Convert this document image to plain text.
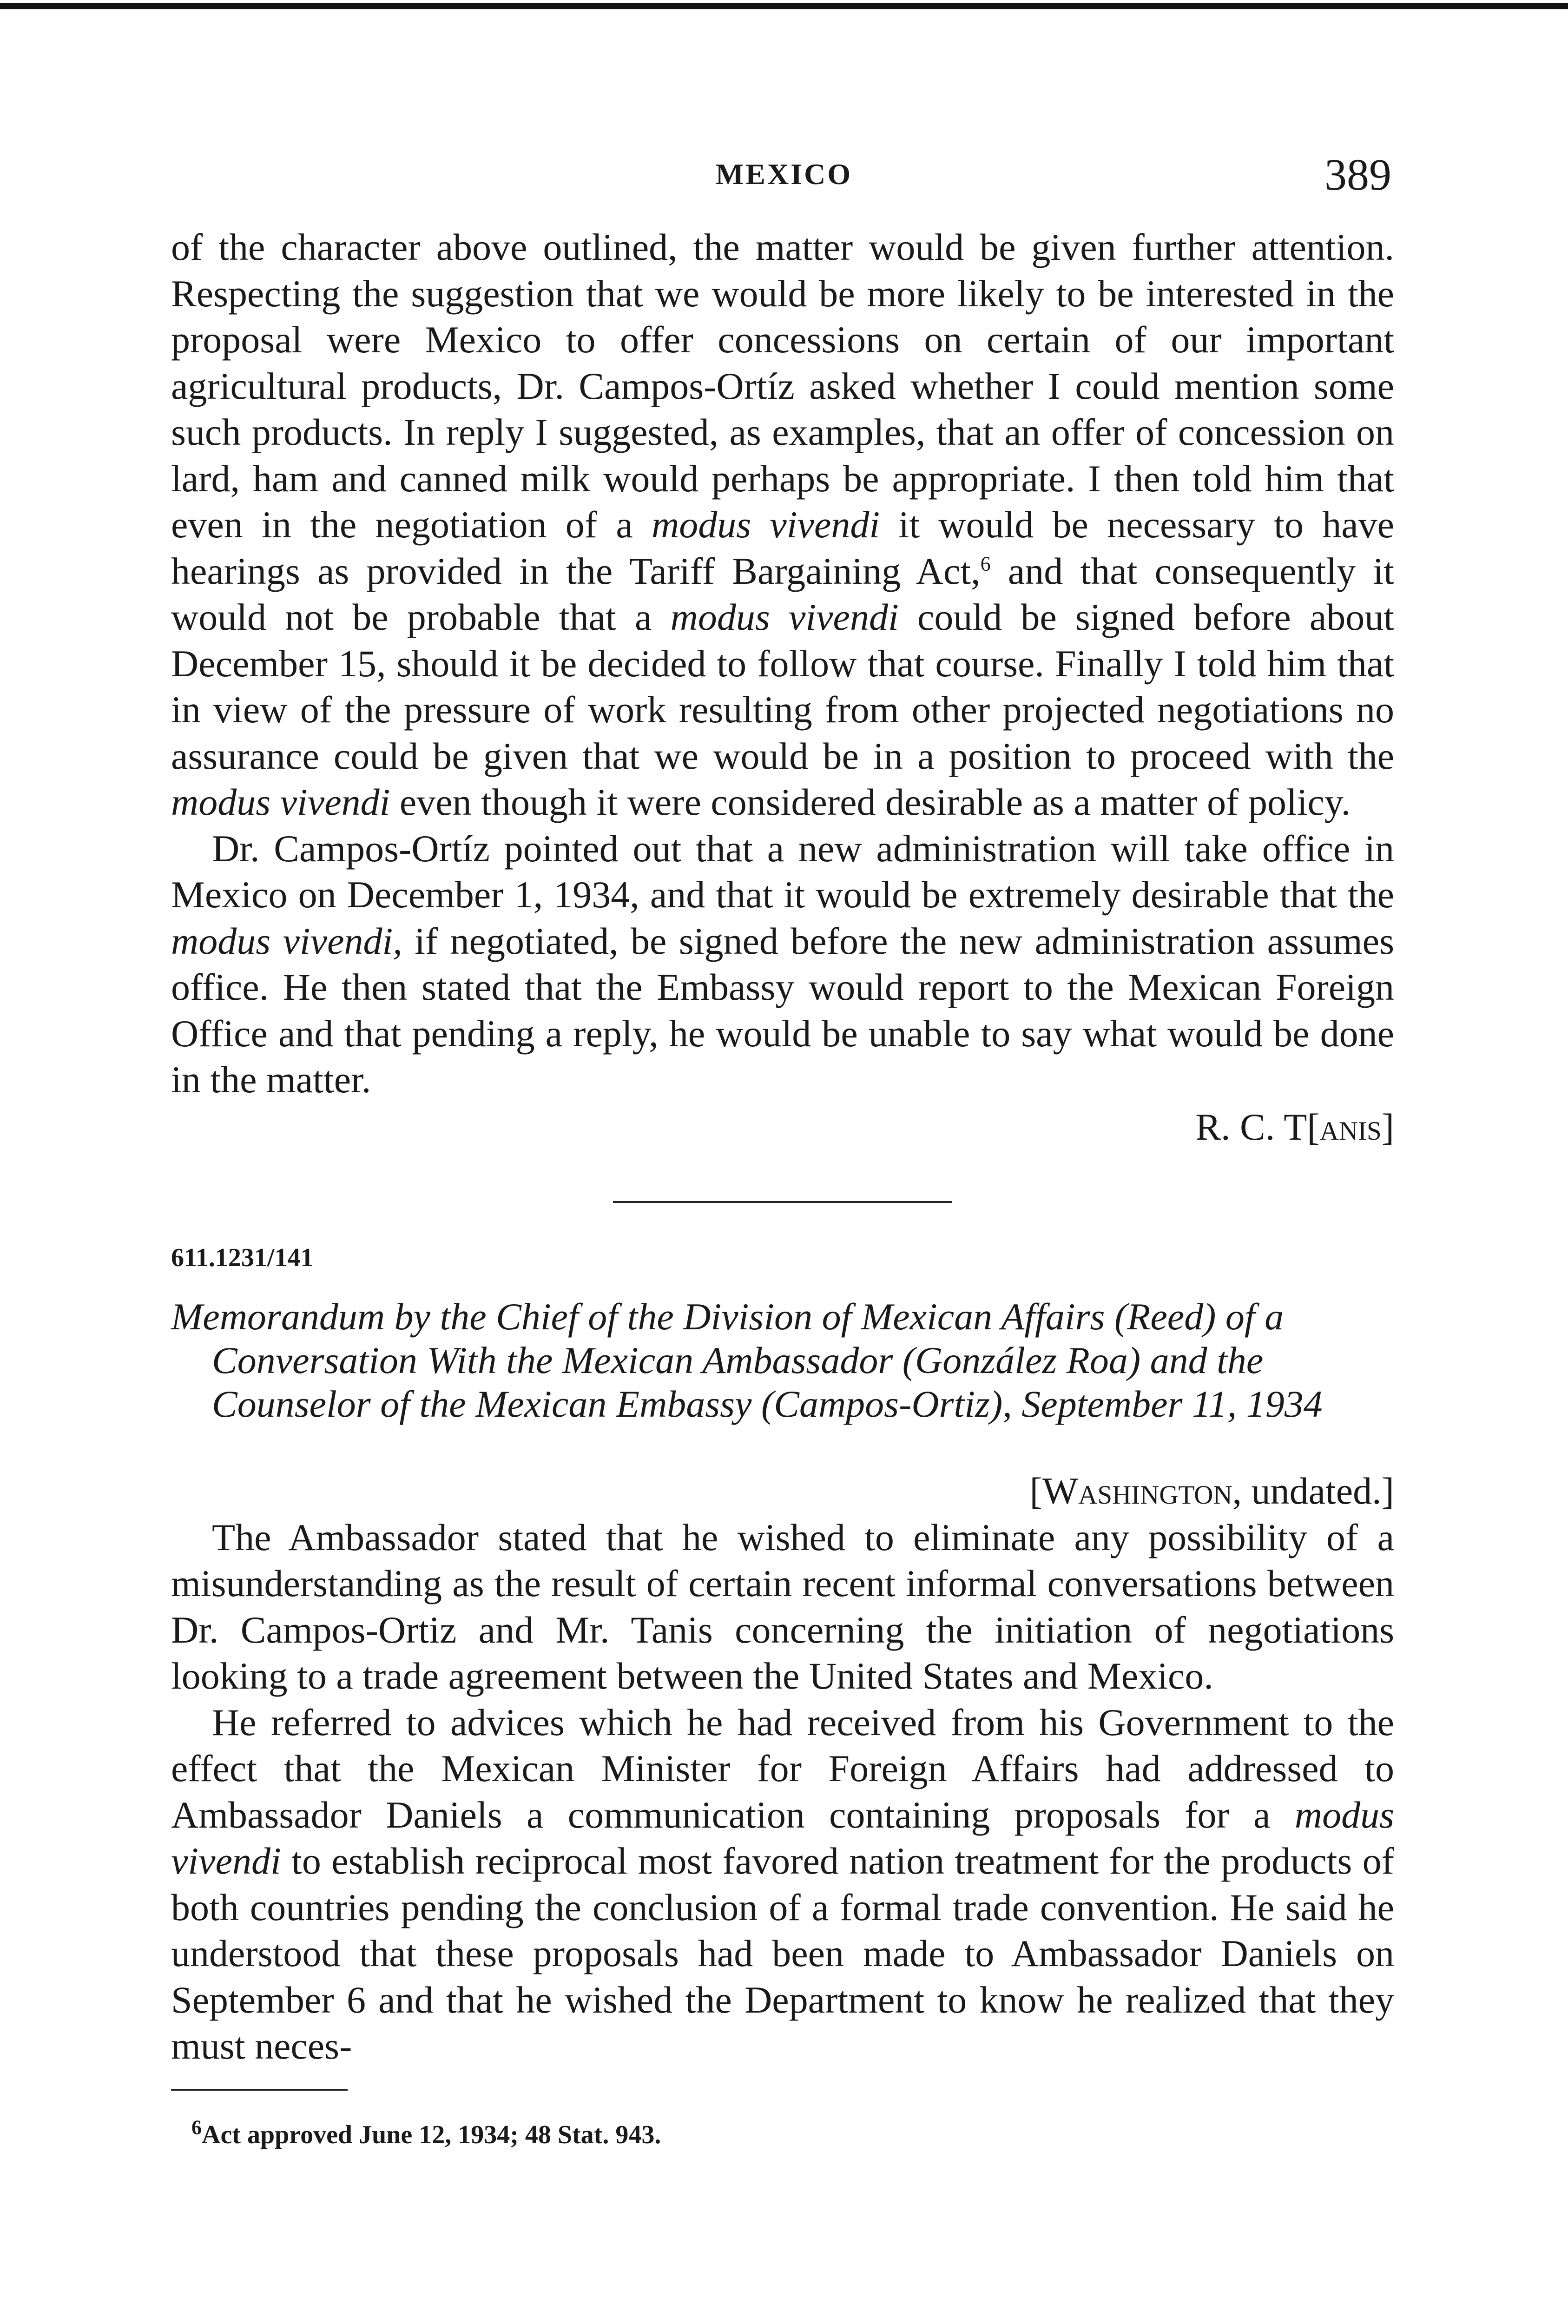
MEXICO	389

of the character above outlined, the matter would be given further attention. Respecting the suggestion that we would be more likely to be interested in the proposal were Mexico to offer concessions on certain of our important agricultural products, Dr. Campos-Ortíz asked whether I could mention some such products. In reply I suggested, as examples, that an offer of concession on lard, ham and canned milk would perhaps be appropriate. I then told him that even in the negotiation of a modus vivendi it would be necessary to have hearings as provided in the Tariff Bargaining Act,$^6$ and that consequently it would not be probable that a modus vivendi could be signed before about December 15, should it be decided to follow that course. Finally I told him that in view of the pressure of work resulting from other projected negotiations no assurance could be given that we would be in a position to proceed with the modus vivendi even though it were considered desirable as a matter of policy.

Dr. Campos-Ortíz pointed out that a new administration will take office in Mexico on December 1, 1934, and that it would be extremely desirable that the modus vivendi, if negotiated, be signed before the new administration assumes office. He then stated that the Embassy would report to the Mexican Foreign Office and that pending a reply, he would be unable to say what would be done in the matter.

R. C. T[anis]
611.1231/141
Memorandum by the Chief of the Division of Mexican Affairs (Reed) of a Conversation With the Mexican Ambassador (González Roa) and the Counselor of the Mexican Embassy (Campos-Ortiz), September 11, 1934
[Washington, undated.]

The Ambassador stated that he wished to eliminate any possibility of a misunderstanding as the result of certain recent informal conversations between Dr. Campos-Ortiz and Mr. Tanis concerning the initiation of negotiations looking to a trade agreement between the United States and Mexico.

He referred to advices which he had received from his Government to the effect that the Mexican Minister for Foreign Affairs had addressed to Ambassador Daniels a communication containing proposals for a modus vivendi to establish reciprocal most favored nation treatment for the products of both countries pending the conclusion of a formal trade convention. He said he understood that these proposals had been made to Ambassador Daniels on September 6 and that he wished the Department to know he realized that they must neces-

$^6$Act approved June 12, 1934; 48 Stat. 943.
